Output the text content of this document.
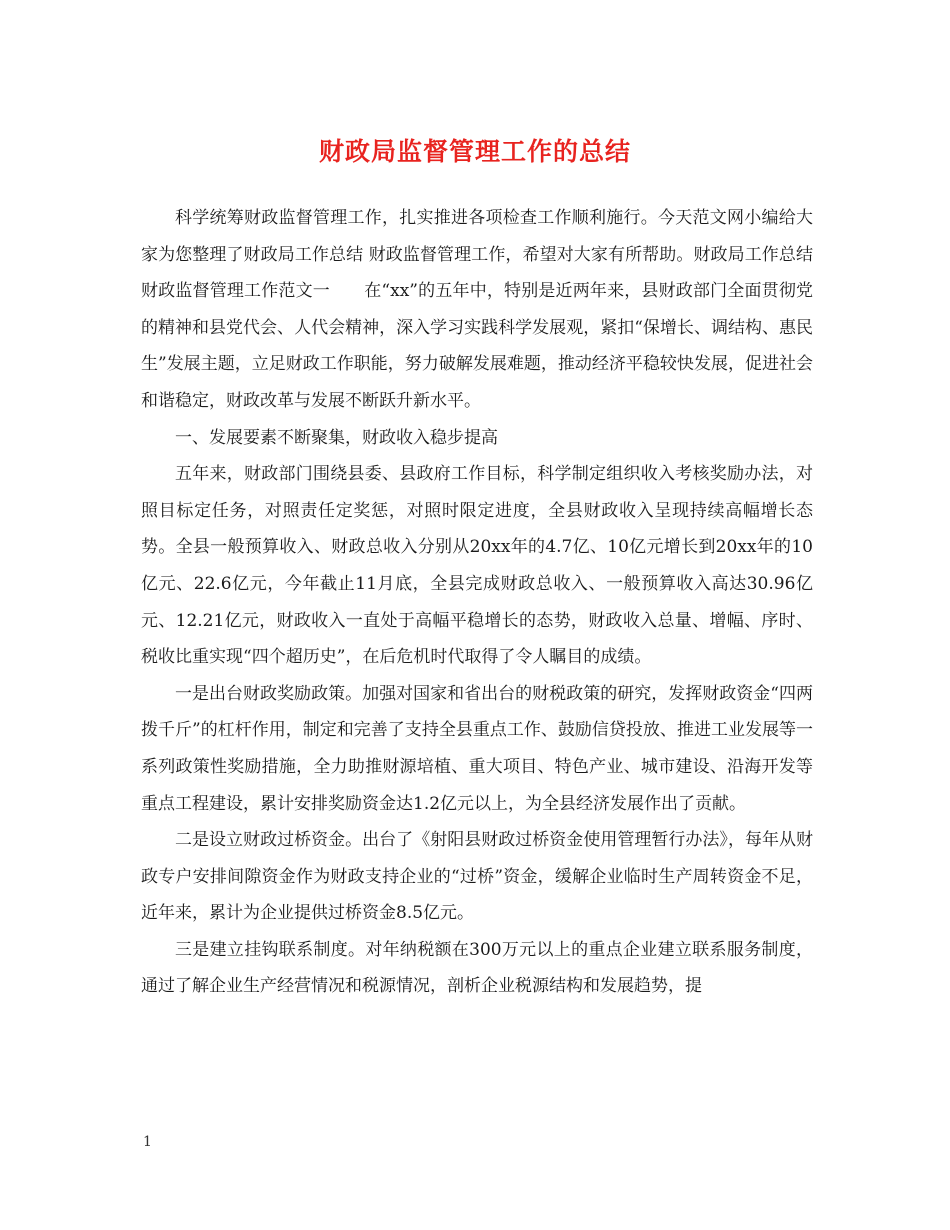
财政局监督管理工作的总结

科学统筹财政监督管理工作，扎实推进各项检查工作顺利施行。今天范文网小编给大家为您整理了财政局工作总结 财政监督管理工作，希望对大家有所帮助。财政局工作总结 财政监督管理工作范文一　　在“xx”的五年中，特别是近两年来，县财政部门全面贯彻党的精神和县党代会、人代会精神，深入学习实践科学发展观，紧扣“保增长、调结构、惠民生”发展主题，立足财政工作职能，努力破解发展难题，推动经济平稳较快发展，促进社会和谐稳定，财政改革与发展不断跃升新水平。

一、发展要素不断聚集，财政收入稳步提高

五年来，财政部门围绕县委、县政府工作目标，科学制定组织收入考核奖励办法，对照目标定任务，对照责任定奖惩，对照时限定进度，全县财政收入呈现持续高幅增长态势。全县一般预算收入、财政总收入分别从20xx年的4.7亿、10亿元增长到20xx年的10亿元、22.6亿元，今年截止11月底，全县完成财政总收入、一般预算收入高达30.96亿元、12.21亿元，财政收入一直处于高幅平稳增长的态势，财政收入总量、增幅、序时、税收比重实现“四个超历史”，在后危机时代取得了令人瞩目的成绩。

一是出台财政奖励政策。加强对国家和省出台的财税政策的研究，发挥财政资金“四两拨千斤”的杠杆作用，制定和完善了支持全县重点工作、鼓励信贷投放、推进工业发展等一系列政策性奖励措施，全力助推财源培植、重大项目、特色产业、城市建设、沿海开发等重点工程建设，累计安排奖励资金达1.2亿元以上，为全县经济发展作出了贡献。

二是设立财政过桥资金。出台了《射阳县财政过桥资金使用管理暂行办法》，每年从财政专户安排间隙资金作为财政支持企业的“过桥”资金，缓解企业临时生产周转资金不足，近年来，累计为企业提供过桥资金8.5亿元。

三是建立挂钩联系制度。对年纳税额在300万元以上的重点企业建立联系服务制度，通过了解企业生产经营情况和税源情况，剖析企业税源结构和发展趋势，提

1
